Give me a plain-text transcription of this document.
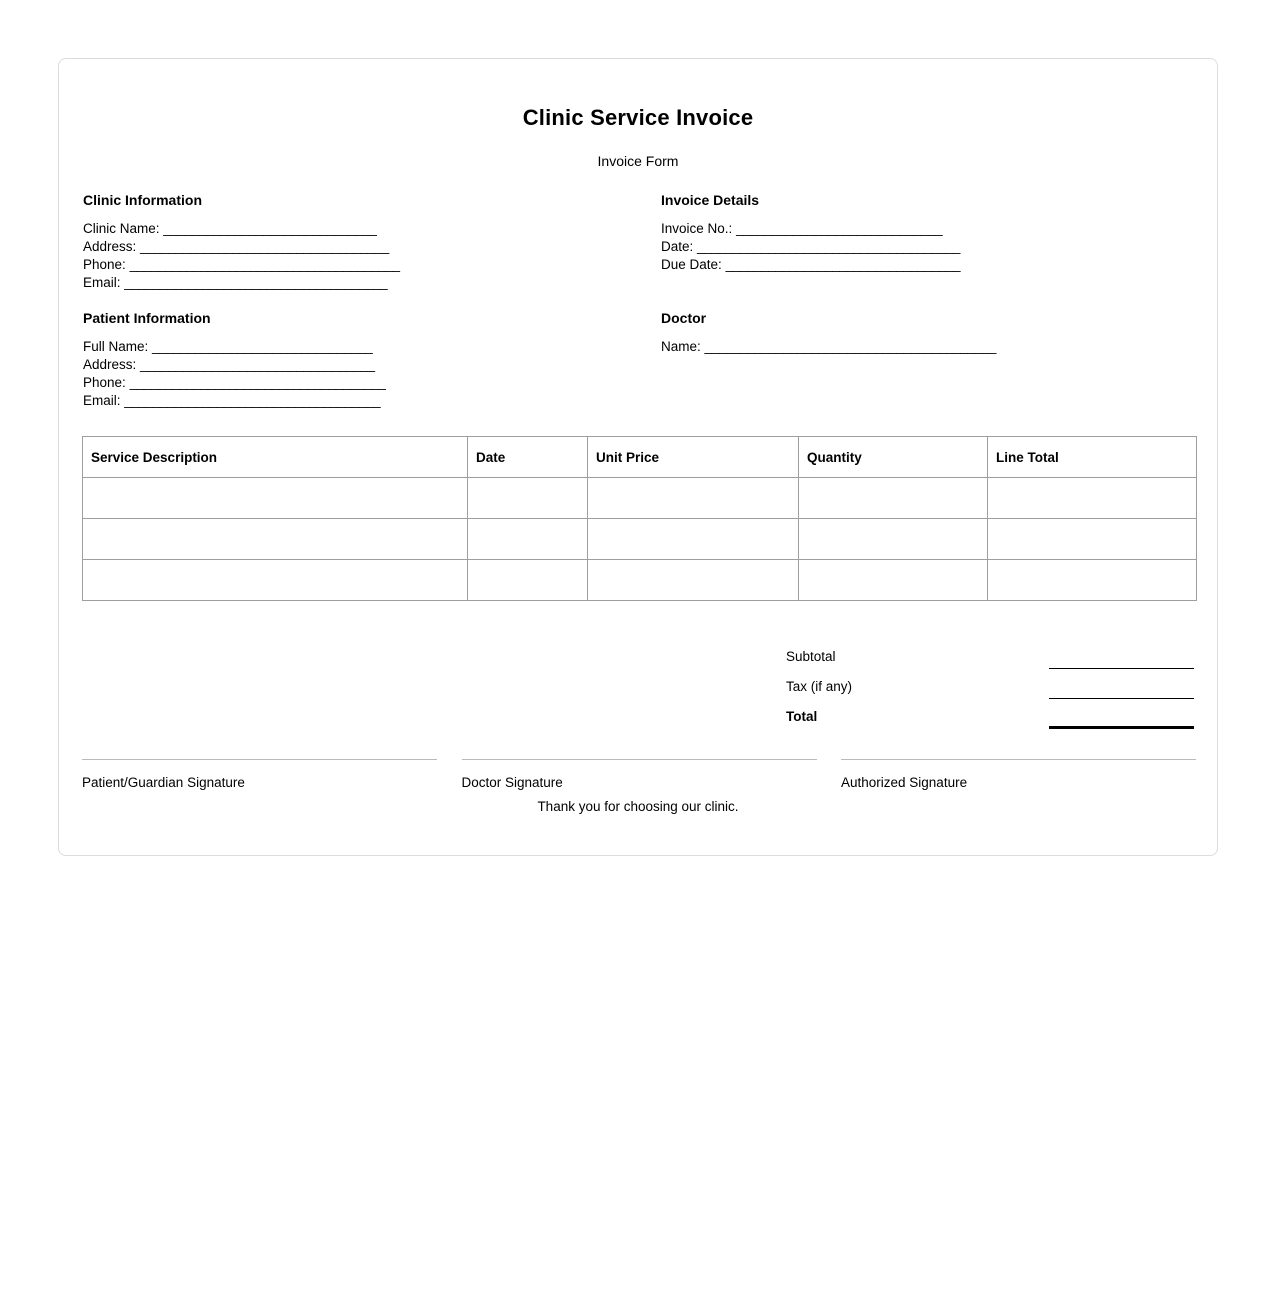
Clinic Service Invoice
Invoice Form
Clinic Information
Clinic Name: ______________________________
Address: ___________________________________
Phone: ______________________________________
Email: _____________________________________
Invoice Details
Invoice No.: _____________________________
Date: _____________________________________
Due Date: _________________________________
Patient Information
Full Name: _______________________________
Address: _________________________________
Phone: ____________________________________
Email: ____________________________________
Doctor
Name: _________________________________________
Service Description	Date	Unit Price	Quantity	Line Total

Subtotal
Tax (if any)
Total
Patient/Guardian Signature	Doctor Signature	Authorized Signature
Thank you for choosing our clinic.
